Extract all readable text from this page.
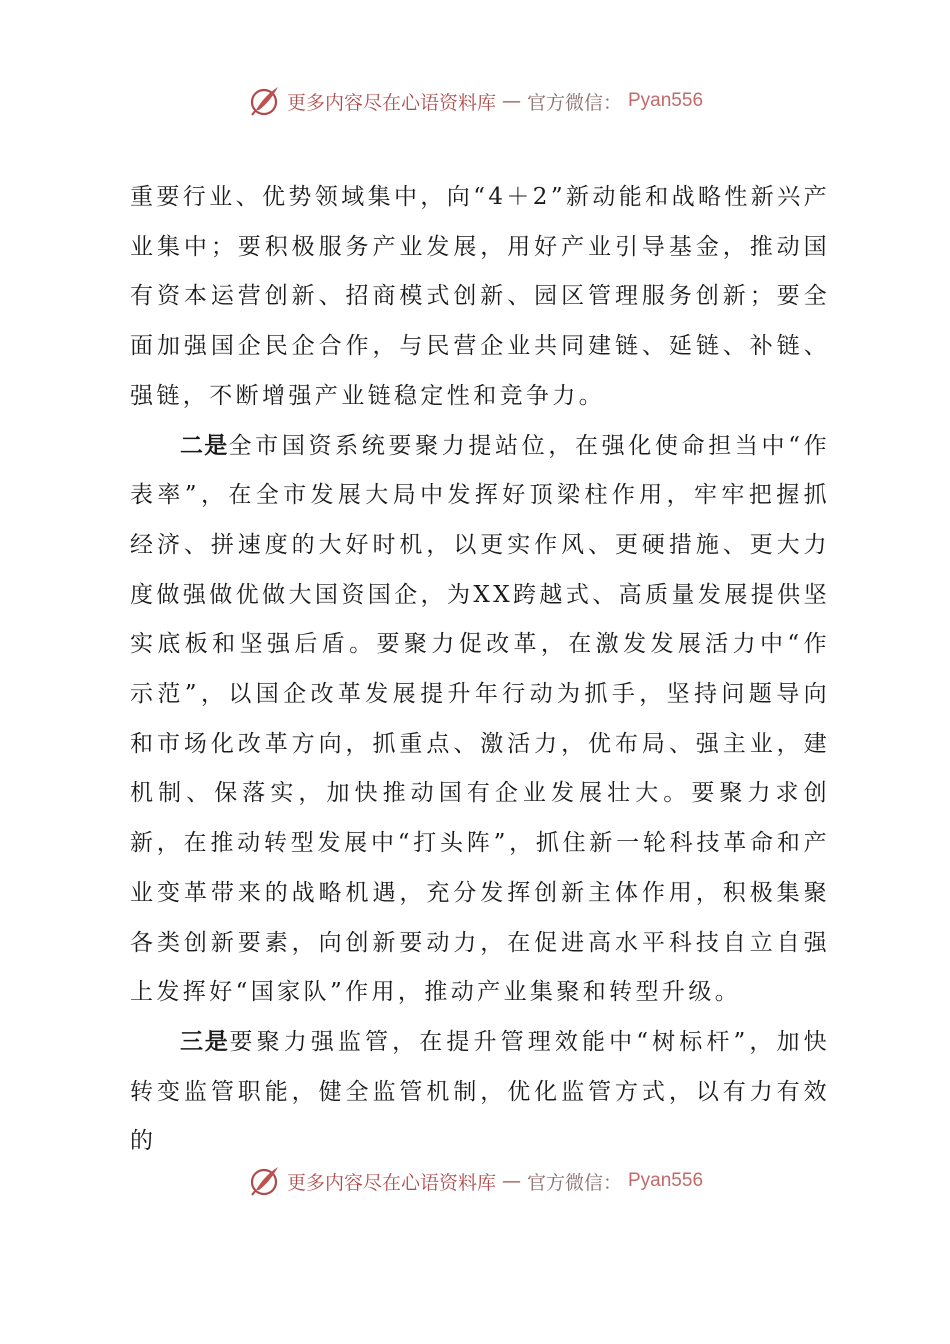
更多内容尽在心语资料库 — 官方微信： Pyan556

重要行业、优势领域集中，向“4＋2”新动能和战略性新兴产业集中；要积极服务产业发展，用好产业引导基金，推动国有资本运营创新、招商模式创新、园区管理服务创新；要全面加强国企民企合作，与民营企业共同建链、延链、补链、强链，不断增强产业链稳定性和竞争力。

二是全市国资系统要聚力提站位，在强化使命担当中“作表率”，在全市发展大局中发挥好顶梁柱作用，牢牢把握抓经济、拼速度的大好时机，以更实作风、更硬措施、更大力度做强做优做大国资国企，为XX跨越式、高质量发展提供坚实底板和坚强后盾。要聚力促改革，在激发发展活力中“作示范”，以国企改革发展提升年行动为抓手，坚持问题导向和市场化改革方向，抓重点、激活力，优布局、强主业，建机制、保落实，加快推动国有企业发展壮大。要聚力求创新，在推动转型发展中“打头阵”，抓住新一轮科技革命和产业变革带来的战略机遇，充分发挥创新主体作用，积极集聚各类创新要素，向创新要动力，在促进高水平科技自立自强上发挥好“国家队”作用，推动产业集聚和转型升级。

三是要聚力强监管，在提升管理效能中“树标杆”，加快转变监管职能，健全监管机制，优化监管方式，以有力有效的

更多内容尽在心语资料库 — 官方微信： Pyan556
